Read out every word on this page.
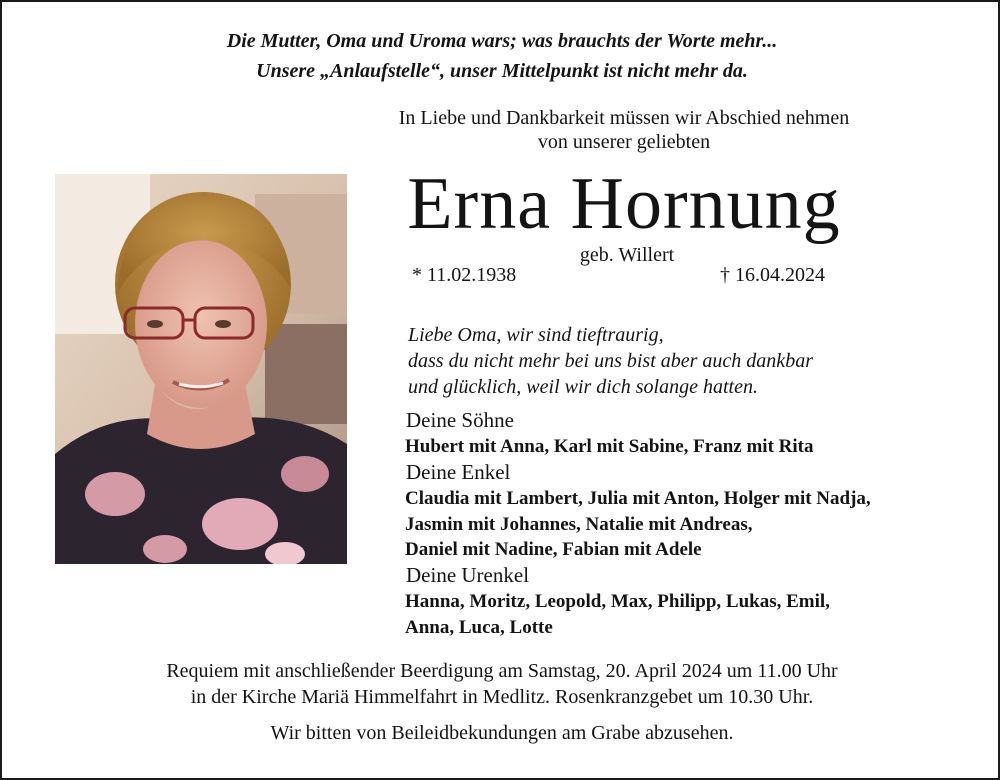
Die Mutter, Oma und Uroma wars; was brauchts der Worte mehr...
Unsere „Anlaufstelle“, unser Mittelpunkt ist nicht mehr da.
In Liebe und Dankbarkeit müssen wir Abschied nehmen
von unserer geliebten
Erna Hornung
geb. Willert
* 11.02.1938	† 16.04.2024
Liebe Oma, wir sind tieftraurig,
dass du nicht mehr bei uns bist aber auch dankbar
und glücklich, weil wir dich solange hatten.
Deine Söhne
Hubert mit Anna, Karl mit Sabine, Franz mit Rita
Deine Enkel
Claudia mit Lambert, Julia mit Anton, Holger mit Nadja,
Jasmin mit Johannes, Natalie mit Andreas,
Daniel mit Nadine, Fabian mit Adele
Deine Urenkel
Hanna, Moritz, Leopold, Max, Philipp, Lukas, Emil,
Anna, Luca, Lotte
Requiem mit anschließender Beerdigung am Samstag, 20. April 2024 um 11.00 Uhr
in der Kirche Mariä Himmelfahrt in Medlitz. Rosenkranzgebet um 10.30 Uhr.
Wir bitten von Beileidbekundungen am Grabe abzusehen.
